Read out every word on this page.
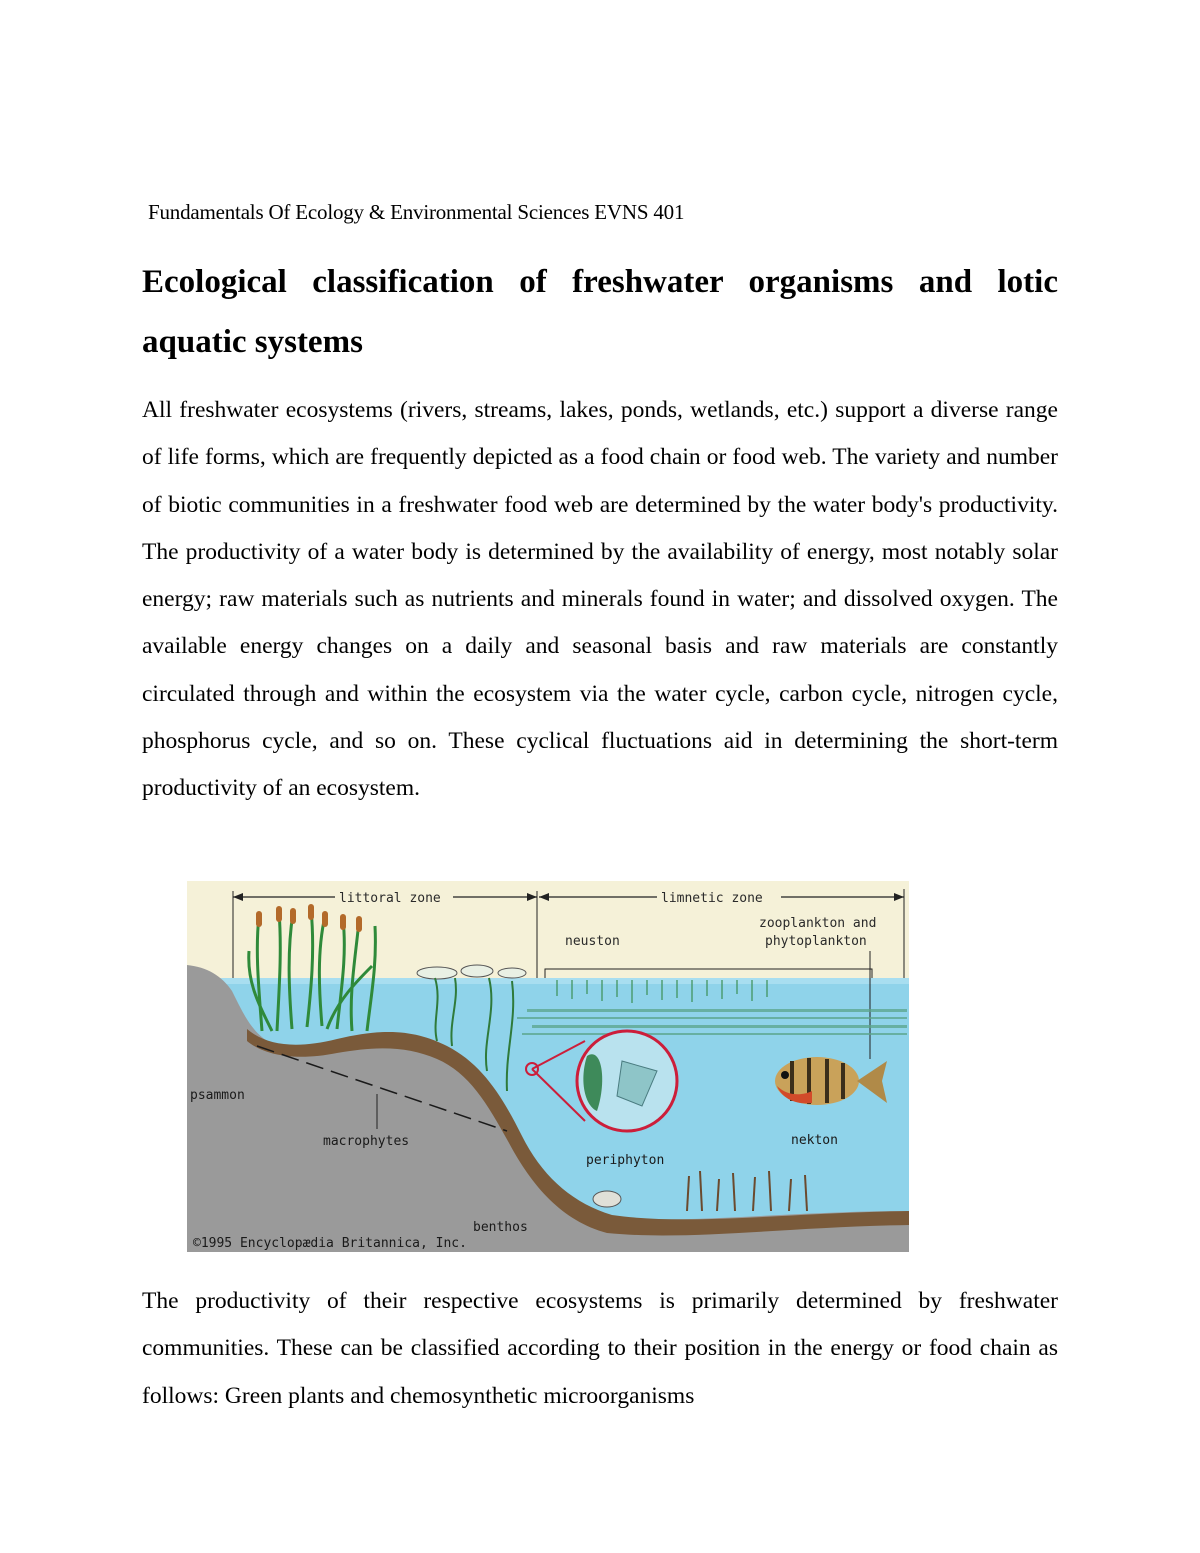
Fundamentals Of Ecology & Environmental Sciences EVNS 401
Ecological classification of freshwater organisms and lotic aquatic systems

All freshwater ecosystems (rivers, streams, lakes, ponds, wetlands, etc.) support a diverse range of life forms, which are frequently depicted as a food chain or food web. The variety and number of biotic communities in a freshwater food web are determined by the water body's productivity. The productivity of a water body is determined by the availability of energy, most notably solar energy; raw materials such as nutrients and minerals found in water; and dissolved oxygen. The available energy changes on a daily and seasonal basis and raw materials are constantly circulated through and within the ecosystem via the water cycle, carbon cycle, nitrogen cycle, phosphorus cycle, and so on. These cyclical fluctuations aid in determining the short-term productivity of an ecosystem.

littoral zone	limnetic zone
neuston
zooplankton and
phytoplankton
psammon
macrophytes
periphyton
nekton
benthos
©1995 Encyclopædia Britannica, Inc.

The productivity of their respective ecosystems is primarily determined by freshwater communities. These can be classified according to their position in the energy or food chain as follows: Green plants and chemosynthetic microorganisms
